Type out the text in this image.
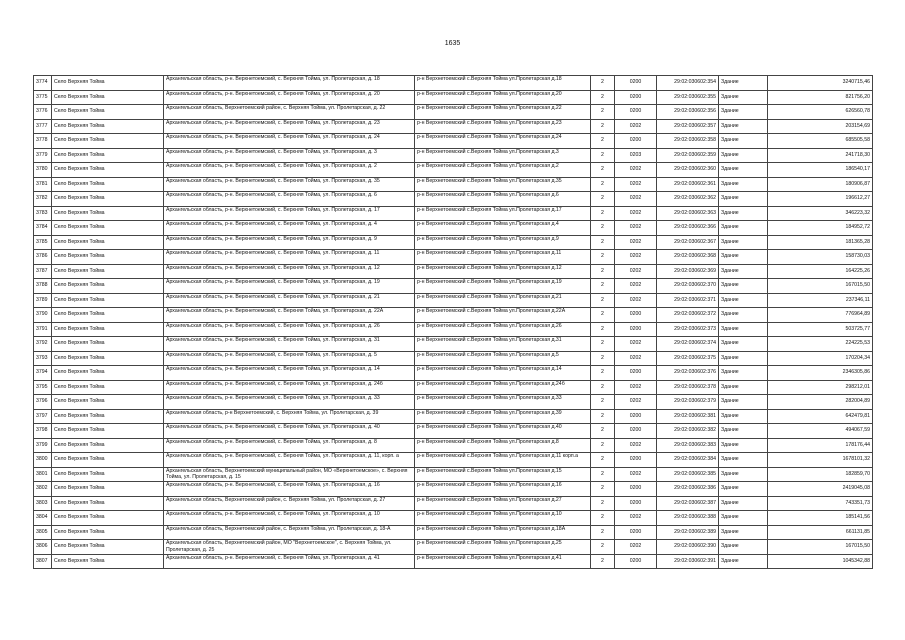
1635
3774	Село Верхняя Тойма	Архангельская область, р-н. Верхнетоемский, с. Верхняя Тойма, ул. Пролетарская, д. 18	р-н Верхнетоемский с.Верхняя Тойма ул.Пролетарская д.18	2	0200	29:02:030602:354	Здание	3240715,46
3775	Село Верхняя Тойма	Архангельская область, р-н. Верхнетоемский, с. Верхняя Тойма, ул. Пролетарская, д. 20	р-н Верхнетоемский с.Верхняя Тойма ул.Пролетарская д.20	2	0200	29:02:030602:355	Здание	821756,20
3776	Село Верхняя Тойма	Архангельская область, Верхнетоемский район, с. Верхняя Тойма, ул. Пролетарская, д. 22	р-н Верхнетоемский с.Верхняя Тойма ул.Пролетарская д.22	2	0200	29:02:030602:356	Здание	626560,78
3777	Село Верхняя Тойма	Архангельская область, р-н. Верхнетоемский, с. Верхняя Тойма, ул. Пролетарская, д. 23	р-н Верхнетоемский с.Верхняя Тойма ул.Пролетарская д.23	2	0202	29:02:030602:357	Здание	203154,69
3778	Село Верхняя Тойма	Архангельская область, р-н. Верхнетоемский, с. Верхняя Тойма, ул. Пролетарская, д. 24	р-н Верхнетоемский с.Верхняя Тойма ул.Пролетарская д.24	2	0200	29:02:030602:358	Здание	685505,58
3779	Село Верхняя Тойма	Архангельская область, р-н. Верхнетоемский, с. Верхняя Тойма, ул. Пролетарская, д. 3	р-н Верхнетоемский с.Верхняя Тойма ул.Пролетарская д.3	2	0203	29:02:030602:359	Здание	241718,30
3780	Село Верхняя Тойма	Архангельская область, р-н. Верхнетоемский, с. Верхняя Тойма, ул. Пролетарская, д. 2	р-н Верхнетоемский с.Верхняя Тойма ул.Пролетарская д.2	2	0202	29:02:030602:360	Здание	186540,17
3781	Село Верхняя Тойма	Архангельская область, р-н. Верхнетоемский, с. Верхняя Тойма, ул. Пролетарская, д. 35	р-н Верхнетоемский с.Верхняя Тойма ул.Пролетарская д.35	2	0202	29:02:030602:361	Здание	180906,87
3782	Село Верхняя Тойма	Архангельская область, р-н. Верхнетоемский, с. Верхняя Тойма, ул. Пролетарская, д. 6	р-н Верхнетоемский с.Верхняя Тойма ул.Пролетарская д.6	2	0202	29:02:030602:362	Здание	196612,27
3783	Село Верхняя Тойма	Архангельская область, р-н. Верхнетоемский, с. Верхняя Тойма, ул. Пролетарская, д. 17	р-н Верхнетоемский с.Верхняя Тойма ул.Пролетарская д.17	2	0202	29:02:030602:363	Здание	346223,32
3784	Село Верхняя Тойма	Архангельская область, р-н. Верхнетоемский, с. Верхняя Тойма, ул. Пролетарская, д. 4	р-н Верхнетоемский с.Верхняя Тойма ул.Пролетарская д.4	2	0202	29:02:030602:366	Здание	184952,72
3785	Село Верхняя Тойма	Архангельская область, р-н. Верхнетоемский, с. Верхняя Тойма, ул. Пролетарская, д. 9	р-н Верхнетоемский с.Верхняя Тойма ул.Пролетарская д.9	2	0202	29:02:030602:367	Здание	181365,28
3786	Село Верхняя Тойма	Архангельская область, р-н. Верхнетоемский, с. Верхняя Тойма, ул. Пролетарская, д. 11	р-н Верхнетоемский с.Верхняя Тойма ул.Пролетарская д.11	2	0202	29:02:030602:368	Здание	158730,03
3787	Село Верхняя Тойма	Архангельская область, р-н. Верхнетоемский, с. Верхняя Тойма, ул. Пролетарская, д. 12	р-н Верхнетоемский с.Верхняя Тойма ул.Пролетарская д.12	2	0202	29:02:030602:369	Здание	164225,26
3788	Село Верхняя Тойма	Архангельская область, р-н. Верхнетоемский, с. Верхняя Тойма, ул. Пролетарская, д. 19	р-н Верхнетоемский с.Верхняя Тойма ул.Пролетарская д.19	2	0202	29:02:030602:370	Здание	167015,50
3789	Село Верхняя Тойма	Архангельская область, р-н. Верхнетоемский, с. Верхняя Тойма, ул. Пролетарская, д. 21	р-н Верхнетоемский с.Верхняя Тойма ул.Пролетарская д.21	2	0202	29:02:030602:371	Здание	237346,11
3790	Село Верхняя Тойма	Архангельская область, р-н. Верхнетоемский, с. Верхняя Тойма, ул. Пролетарская, д. 22А	р-н Верхнетоемский с.Верхняя Тойма ул.Пролетарская д.22А	2	0200	29:02:030602:372	Здание	776964,89
3791	Село Верхняя Тойма	Архангельская область, р-н. Верхнетоемский, с. Верхняя Тойма, ул. Пролетарская, д. 26	р-н Верхнетоемский с.Верхняя Тойма ул.Пролетарская д.26	2	0200	29:02:030602:373	Здание	503725,77
3792	Село Верхняя Тойма	Архангельская область, р-н. Верхнетоемский, с. Верхняя Тойма, ул. Пролетарская, д. 31	р-н Верхнетоемский с.Верхняя Тойма ул.Пролетарская д.31	2	0202	29:02:030602:374	Здание	224225,53
3793	Село Верхняя Тойма	Архангельская область, р-н. Верхнетоемский, с. Верхняя Тойма, ул. Пролетарская, д. 5	р-н Верхнетоемский с.Верхняя Тойма ул.Пролетарская д.5	2	0202	29:02:030602:375	Здание	170204,34
3794	Село Верхняя Тойма	Архангельская область, р-н. Верхнетоемский, с. Верхняя Тойма, ул. Пролетарская, д. 14	р-н Верхнетоемский с.Верхняя Тойма ул.Пролетарская д.14	2	0200	29:02:030602:376	Здание	2346305,86
3795	Село Верхняя Тойма	Архангельская область, р-н. Верхнетоемский, с. Верхняя Тойма, ул. Пролетарская, д. 24б	р-н Верхнетоемский с.Верхняя Тойма ул.Пролетарская д.24б	2	0202	29:02:030602:378	Здание	298212,01
3796	Село Верхняя Тойма	Архангельская область, р-н. Верхнетоемский, с. Верхняя Тойма, ул. Пролетарская, д. 33	р-н Верхнетоемский с.Верхняя Тойма ул.Пролетарская д.33	2	0202	29:02:030602:379	Здание	282004,89
3797	Село Верхняя Тойма	Архангельская область, р-н Верхнетоемский, с. Верхняя Тойма, ул. Пролетарская, д. 39	р-н Верхнетоемский с.Верхняя Тойма ул.Пролетарская д.39	2	0200	29:02:030602:381	Здание	642479,81
3798	Село Верхняя Тойма	Архангельская область, р-н. Верхнетоемский, с. Верхняя Тойма, ул. Пролетарская, д. 40	р-н Верхнетоемский с.Верхняя Тойма ул.Пролетарская д.40	2	0200	29:02:030602:382	Здание	494067,59
3799	Село Верхняя Тойма	Архангельская область, р-н. Верхнетоемский, с. Верхняя Тойма, ул. Пролетарская, д. 8	р-н Верхнетоемский с.Верхняя Тойма ул.Пролетарская д.8	2	0202	29:02:030602:383	Здание	178176,44
3800	Село Верхняя Тойма	Архангельская область, р-н. Верхнетоемский, с. Верхняя Тойма, ул. Пролетарская, д. 11, корп. а	р-н Верхнетоемский с.Верхняя Тойма ул.Пролетарская д.11 корп.а	2	0200	29:02:030602:384	Здание	1678101,32
3801	Село Верхняя Тойма	Архангельская область, Верхнетоемский муниципальный район, МО «Верхнетоемское», с. Верхняя Тойма, ул. Пролетарская, д. 15	р-н Верхнетоемский с.Верхняя Тойма ул.Пролетарская д.15	2	0202	29:02:030602:385	Здание	182859,70
3802	Село Верхняя Тойма	Архангельская область, р-н. Верхнетоемский, с. Верхняя Тойма, ул. Пролетарская, д. 16	р-н Верхнетоемский с.Верхняя Тойма ул.Пролетарская д.16	2	0200	29:02:030602:386	Здание	2419045,08
3803	Село Верхняя Тойма	Архангельская область, Верхнетоемский район, с. Верхняя Тойма, ул. Пролетарская, д. 27	р-н Верхнетоемский с.Верхняя Тойма ул.Пролетарская д.27	2	0200	29:02:030602:387	Здание	743351,73
3804	Село Верхняя Тойма	Архангельская область, р-н. Верхнетоемский, с. Верхняя Тойма, ул. Пролетарская, д. 10	р-н Верхнетоемский с.Верхняя Тойма ул.Пролетарская д.10	2	0202	29:02:030602:388	Здание	185141,56
3805	Село Верхняя Тойма	Архангельская область, Верхнетоемский район, с. Верхняя Тойма, ул. Пролетарская, д. 18-А	р-н Верхнетоемский с.Верхняя Тойма ул.Пролетарская д.18А	2	0200	29:02:030602:389	Здание	661131,85
3806	Село Верхняя Тойма	Архангельская область, Верхнетоемский район, МО "Верхнетоемское", с. Верхняя Тойма, ул. Пролетарская, д. 25	р-н Верхнетоемский с.Верхняя Тойма ул.Пролетарская д.25	2	0202	29:02:030602:390	Здание	167015,50
3807	Село Верхняя Тойма	Архангельская область, р-н. Верхнетоемский, с. Верхняя Тойма, ул. Пролетарская, д. 41	р-н Верхнетоемский с.Верхняя Тойма ул.Пролетарская д.41	2	0200	29:02:030602:391	Здание	1045342,88
